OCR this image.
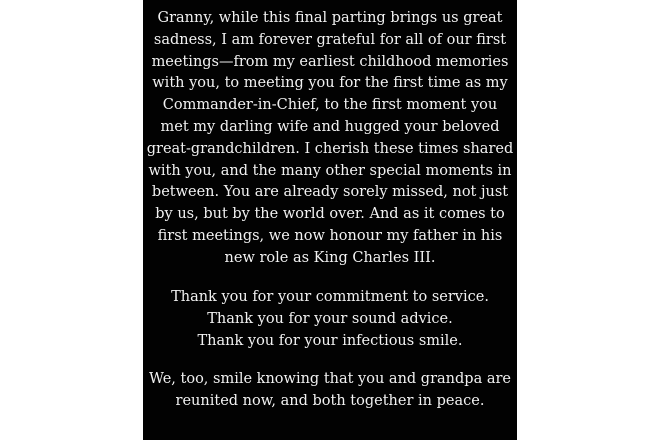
Granny, while this final parting brings us great
sadness, I am forever grateful for all of our first
meetings—from my earliest childhood memories
with you, to meeting you for the first time as my
Commander-in-Chief, to the first moment you
met my darling wife and hugged your beloved
great-grandchildren. I cherish these times shared
with you, and the many other special moments in
between. You are already sorely missed, not just
by us, but by the world over. And as it comes to
first meetings, we now honour my father in his
new role as King Charles III.
Thank you for your commitment to service.
Thank you for your sound advice.
Thank you for your infectious smile.
We, too, smile knowing that you and grandpa are
reunited now, and both together in peace.
